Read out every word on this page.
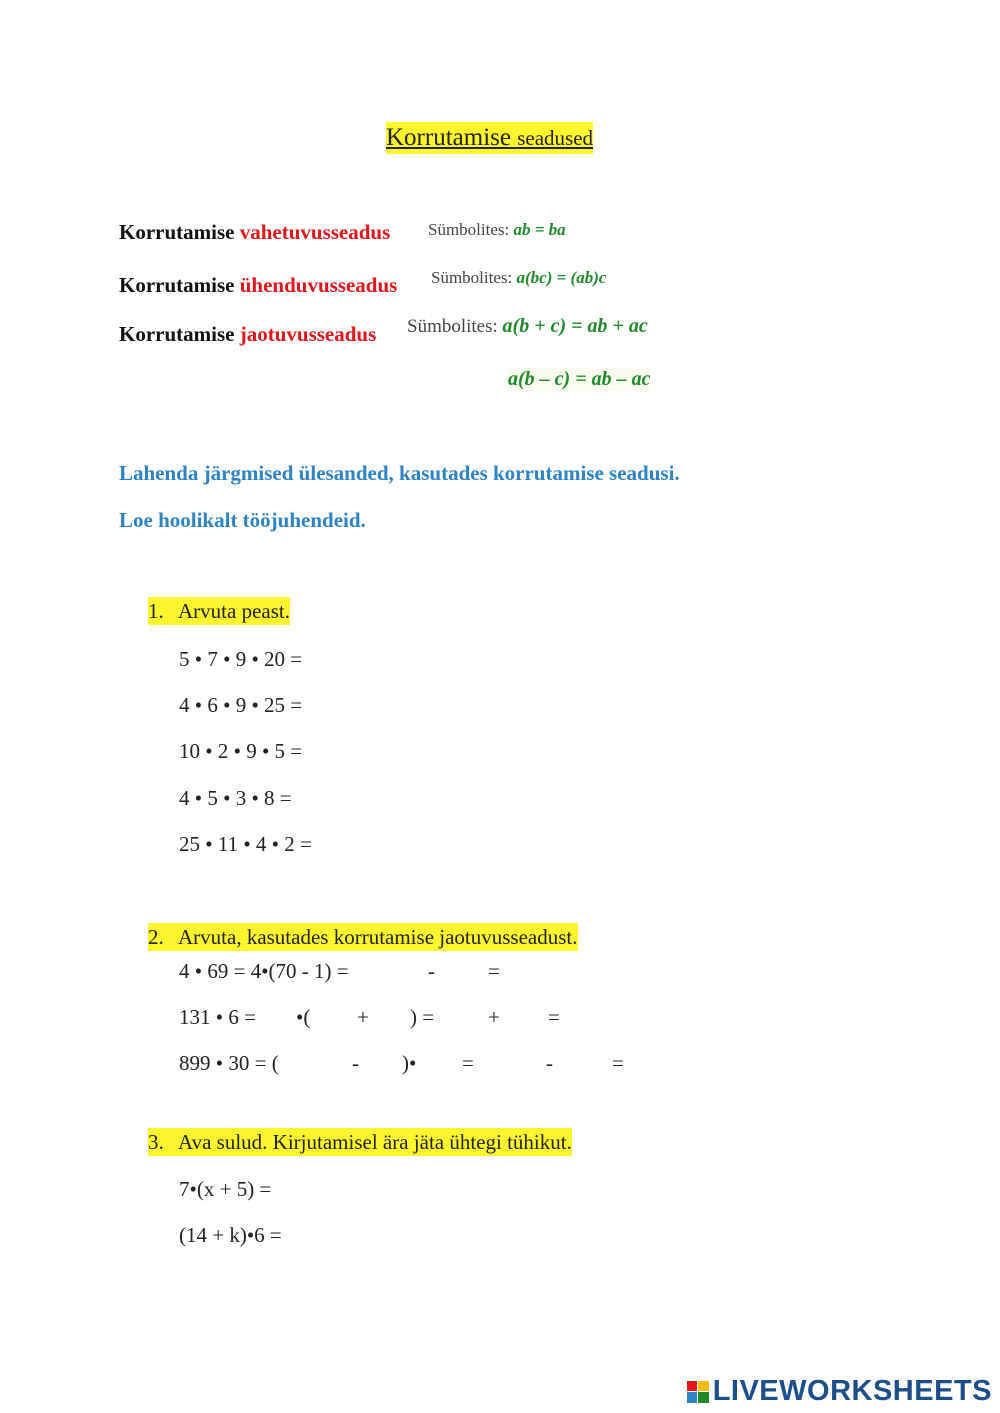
Korrutamise seadused
Korrutamise vahetuvusseadus Sümbolites: ab = ba
Korrutamise ühenduvusseadus Sümbolites: a(bc) = (ab)c
Korrutamise jaotuvusseadus Sümbolites: a(b + c) = ab + ac
a(b – c) = ab – ac
Lahenda järgmised ülesanded, kasutades korrutamise seadusi.
Loe hoolikalt tööjuhendeid.
1. Arvuta peast.
5 • 7 • 9 • 20 =
4 • 6 • 9 • 25 =
10 • 2 • 9 • 5 =
4 • 5 • 3 • 8 =
25 • 11 • 4 • 2 =
2. Arvuta, kasutades korrutamise jaotuvusseadust.
4 • 69 = 4•(70 - 1) =	-	=
131 • 6 = •( + ) =	+ =
899 • 30 = (	- )• =	-	=
3. Ava sulud. Kirjutamisel ära jäta ühtegi tühikut.
7•(x + 5) =
(14 + k)•6 =
LIVEWORKSHEETS
